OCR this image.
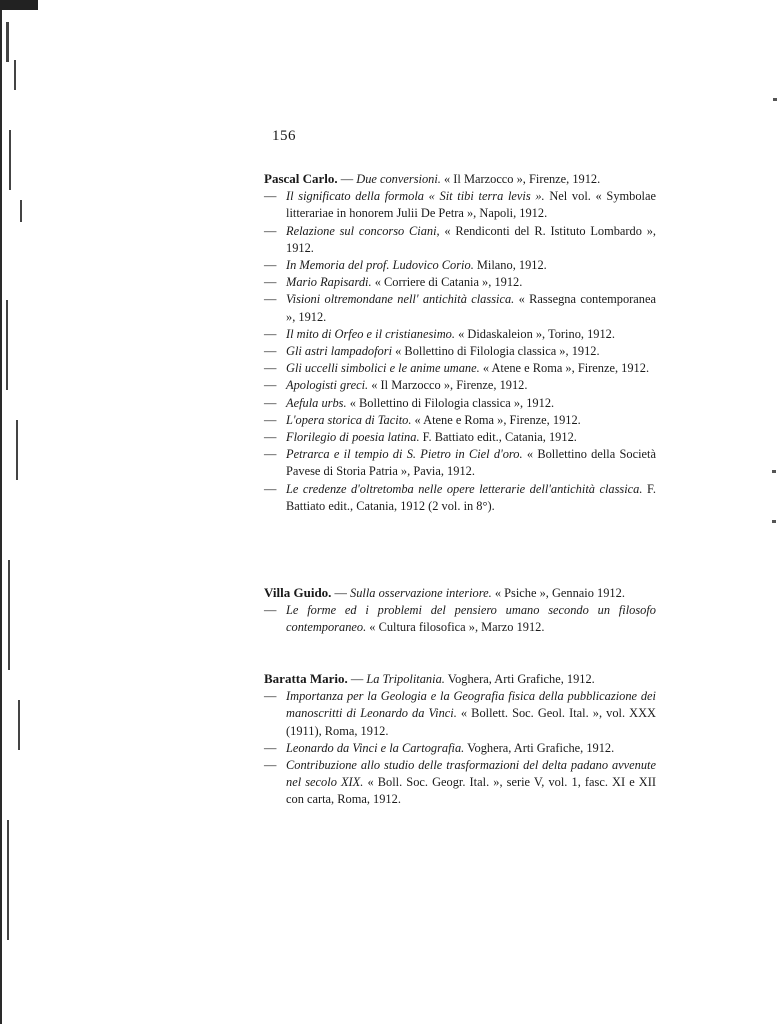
156
Pascal Carlo. — Due conversioni. « Il Marzocco », Firenze, 1912.
— Il significato della formola « Sit tibi terra levis ». Nel vol. « Symbolae litterariae in honorem Julii De Petra », Napoli, 1912.
— Relazione sul concorso Ciani, « Rendiconti del R. Istituto Lombardo », 1912.
— In Memoria del prof. Ludovico Corio. Milano, 1912.
— Mario Rapisardi. « Corriere di Catania », 1912.
— Visioni oltremondane nell' antichità classica. « Rassegna contemporanea », 1912.
— Il mito di Orfeo e il cristianesimo. « Didaskaleion », Torino, 1912.
— Gli astri lampadofori « Bollettino di Filologia classica », 1912.
— Gli uccelli simbolici e le anime umane. « Atene e Roma », Firenze, 1912.
— Apologisti greci. « Il Marzocco », Firenze, 1912.
— Aefula urbs. « Bollettino di Filologia classica », 1912.
— L'opera storica di Tacito. « Atene e Roma », Firenze, 1912.
— Florilegio di poesia latina. F. Battiato edit., Catania, 1912.
— Petrarca e il tempio di S. Pietro in Ciel d'oro. « Bollettino della Società Pavese di Storia Patria », Pavia, 1912.
— Le credenze d'oltretomba nelle opere letterarie dell'antichità classica. F. Battiato edit., Catania, 1912 (2 vol. in 8°).
Villa Guido. — Sulla osservazione interiore. « Psiche », Gennaio 1912.
— Le forme ed i problemi del pensiero umano secondo un filosofo contemporaneo. « Cultura filosofica », Marzo 1912.
Baratta Mario. — La Tripolitania. Voghera, Arti Grafiche, 1912.
— Importanza per la Geologia e la Geografia fisica della pubblicazione dei manoscritti di Leonardo da Vinci. « Bollett. Soc. Geol. Ital. », vol. XXX (1911), Roma, 1912.
— Leonardo da Vinci e la Cartografia. Voghera, Arti Grafiche, 1912.
— Contribuzione allo studio delle trasformazioni del delta padano avvenute nel secolo XIX. « Boll. Soc. Geogr. Ital. », serie V, vol. 1, fasc. XI e XII con carta, Roma, 1912.
